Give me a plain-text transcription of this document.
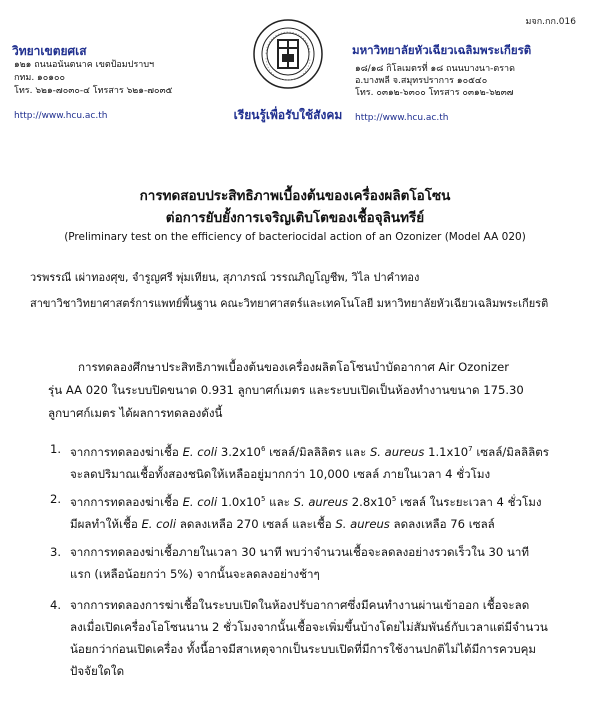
มจก.กก.016
วิทยาเขตยศเส
๑๒๑ ถนนอนันตนาค เขตป้อมปราบฯ
กทม. ๑๐๑๐๐
โทร. ๖๒๑-๗๐๓๐-๔ โทรสาร ๖๒๑-๗๐๓๕
http://www.hcu.ac.th	เรียนรู้เพื่อรับใช้สังคม
มหาวิทยาลัยหัวเฉียวเฉลิมพระเกียรติ
๑๘/๑๘ กิโลเมตรที่ ๑๘ ถนนบางนา-ตราด
อ.บางพลี จ.สมุทรปราการ ๑๐๕๔๐
โทร. ๐๓๑๒-๖๓๐๐ โทรสาร ๐๓๑๒-๖๒๓๗
http://www.hcu.ac.th
การทดสอบประสิทธิภาพเบื้องต้นของเครื่องผลิตโอโซน
ต่อการยับยั้งการเจริญเติบโตของเชื้อจุลินทรีย์
(Preliminary test on the efficiency of bacteriocidal action of an Ozonizer (Model AA 020)
วรพรรณี เผ่าทองศุข, จำรูญศรี พุ่มเทียน, สุภาภรณ์ วรรณภิญโญชีพ, วิไล ปาคำทอง
สาขาวิชาวิทยาศาสตร์การแพทย์พื้นฐาน คณะวิทยาศาสตร์และเทคโนโลยี มหาวิทยาลัยหัวเฉียวเฉลิมพระเกียรติ
การทดลองศึกษาประสิทธิภาพเบื้องต้นของเครื่องผลิตโอโซนบำบัดอากาศ Air Ozonizer
รุ่น AA 020 ในระบบปิดขนาด 0.931 ลูกบาศก์เมตร และระบบเปิดเป็นห้องทำงานขนาด 175.30
ลูกบาศก์เมตร ได้ผลการทดลองดังนี้
1. จากการทดลองฆ่าเชื้อ E. coli $3.2x10^6$ เซลล์/มิลลิลิตร และ S. aureus $1.1x10^7$ เซลล์/มิลลิลิตร
จะลดปริมาณเชื้อทั้งสองชนิดให้เหลืออยู่มากกว่า 10,000 เซลล์ ภายในเวลา 4 ชั่วโมง
2. จากการทดลองฆ่าเชื้อ E. coli $1.0x10^5$ และ S. aureus $2.8x10^5$ เซลล์ ในระยะเวลา 4 ชั่วโมง
มีผลทำให้เชื้อ E. coli ลดลงเหลือ 270 เซลล์ และเชื้อ S. aureus ลดลงเหลือ 76 เซลล์
3. จากการทดลองฆ่าเชื้อภายในเวลา 30 นาที พบว่าจำนวนเชื้อจะลดลงอย่างรวดเร็วใน 30 นาที
แรก (เหลือน้อยกว่า 5%) จากนั้นจะลดลงอย่างช้าๆ
4. จากการทดลองการฆ่าเชื้อในระบบเปิดในห้องปรับอากาศซึ่งมีคนทำงานผ่านเข้าออก เชื้อจะลด
ลงเมื่อเปิดเครื่องโอโซนนาน 2 ชั่วโมงจากนั้นเชื้อจะเพิ่มขึ้นบ้างโดยไม่สัมพันธ์กับเวลาแต่มีจำนวน
น้อยกว่าก่อนเปิดเครื่อง ทั้งนี้อาจมีสาเหตุจากเป็นระบบเปิดที่มีการใช้งานปกติไม่ได้มีการควบคุม
ปัจจัยใดใด
